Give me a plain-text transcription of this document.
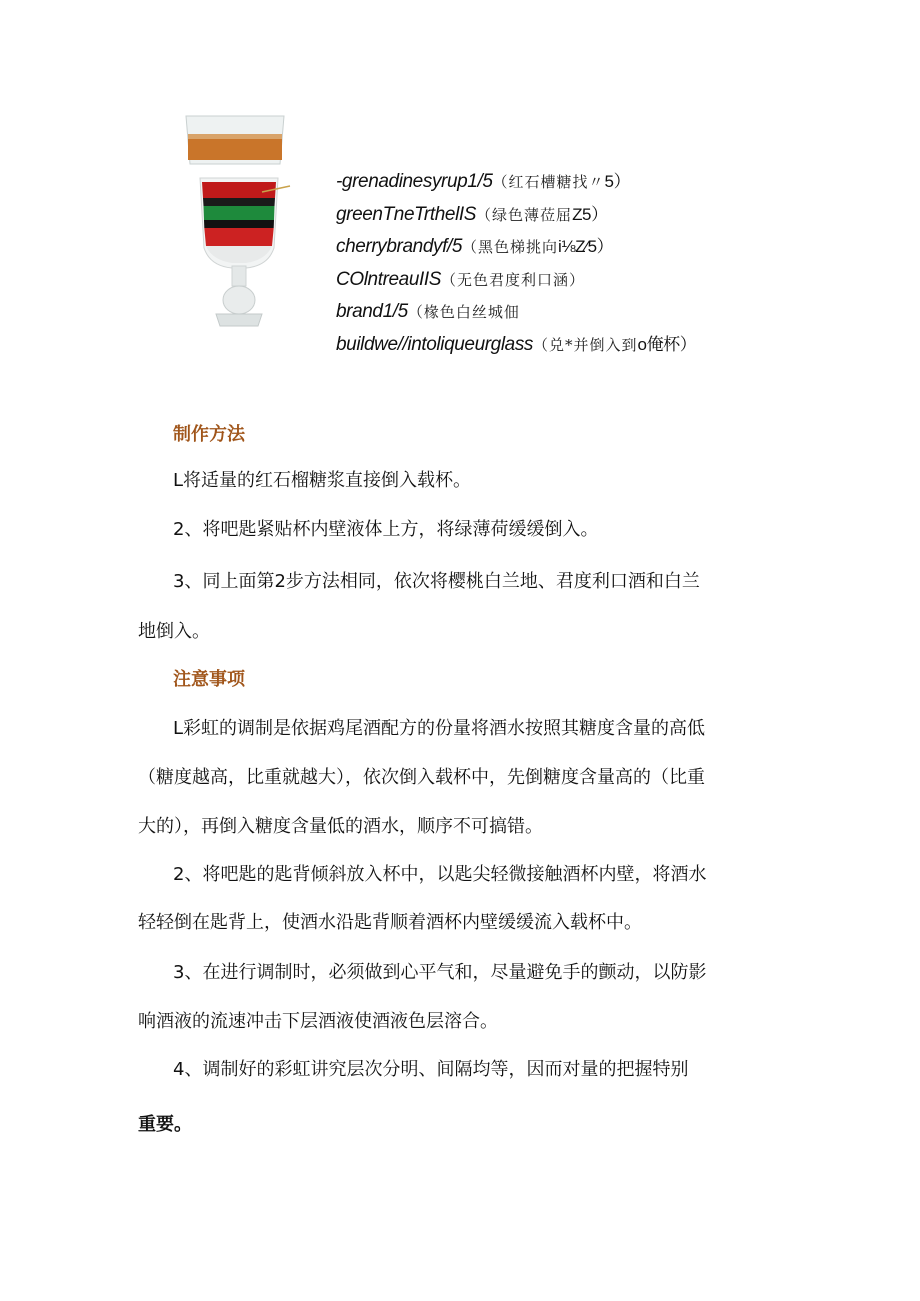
-grenadinesyrup1/5（红石槽糖找〃5）
greenTneTrthelIS（绿色薄莅屈Z5）
cherrybrandyf/5（黑色梯挑向i⅛Z⁄5）
COlntreauIIS（无色君度利口涵）
brand1/5（椽色白丝城佃
buildwe//intoliqueurglass（兑*并倒入到o俺杯）
制作方法
L将适量的红石榴糖浆直接倒入载杯。
2、将吧匙紧贴杯内壁液体上方，将绿薄荷缓缓倒入。
3、同上面第2步方法相同，依次将樱桃白兰地、君度利口酒和白兰
地倒入。
注意事项
L彩虹的调制是依据鸡尾酒配方的份量将酒水按照其糖度含量的高低
（糖度越高，比重就越大），依次倒入载杯中，先倒糖度含量高的（比重
大的），再倒入糖度含量低的酒水，顺序不可搞错。
2、将吧匙的匙背倾斜放入杯中，以匙尖轻微接触酒杯内壁，将酒水
轻轻倒在匙背上，使酒水沿匙背顺着酒杯内壁缓缓流入载杯中。
3、在进行调制时，必须做到心平气和，尽量避免手的颤动，以防影
响酒液的流速冲击下层酒液使酒液色层溶合。
4、调制好的彩虹讲究层次分明、间隔均等，因而对量的把握特别
重要。
